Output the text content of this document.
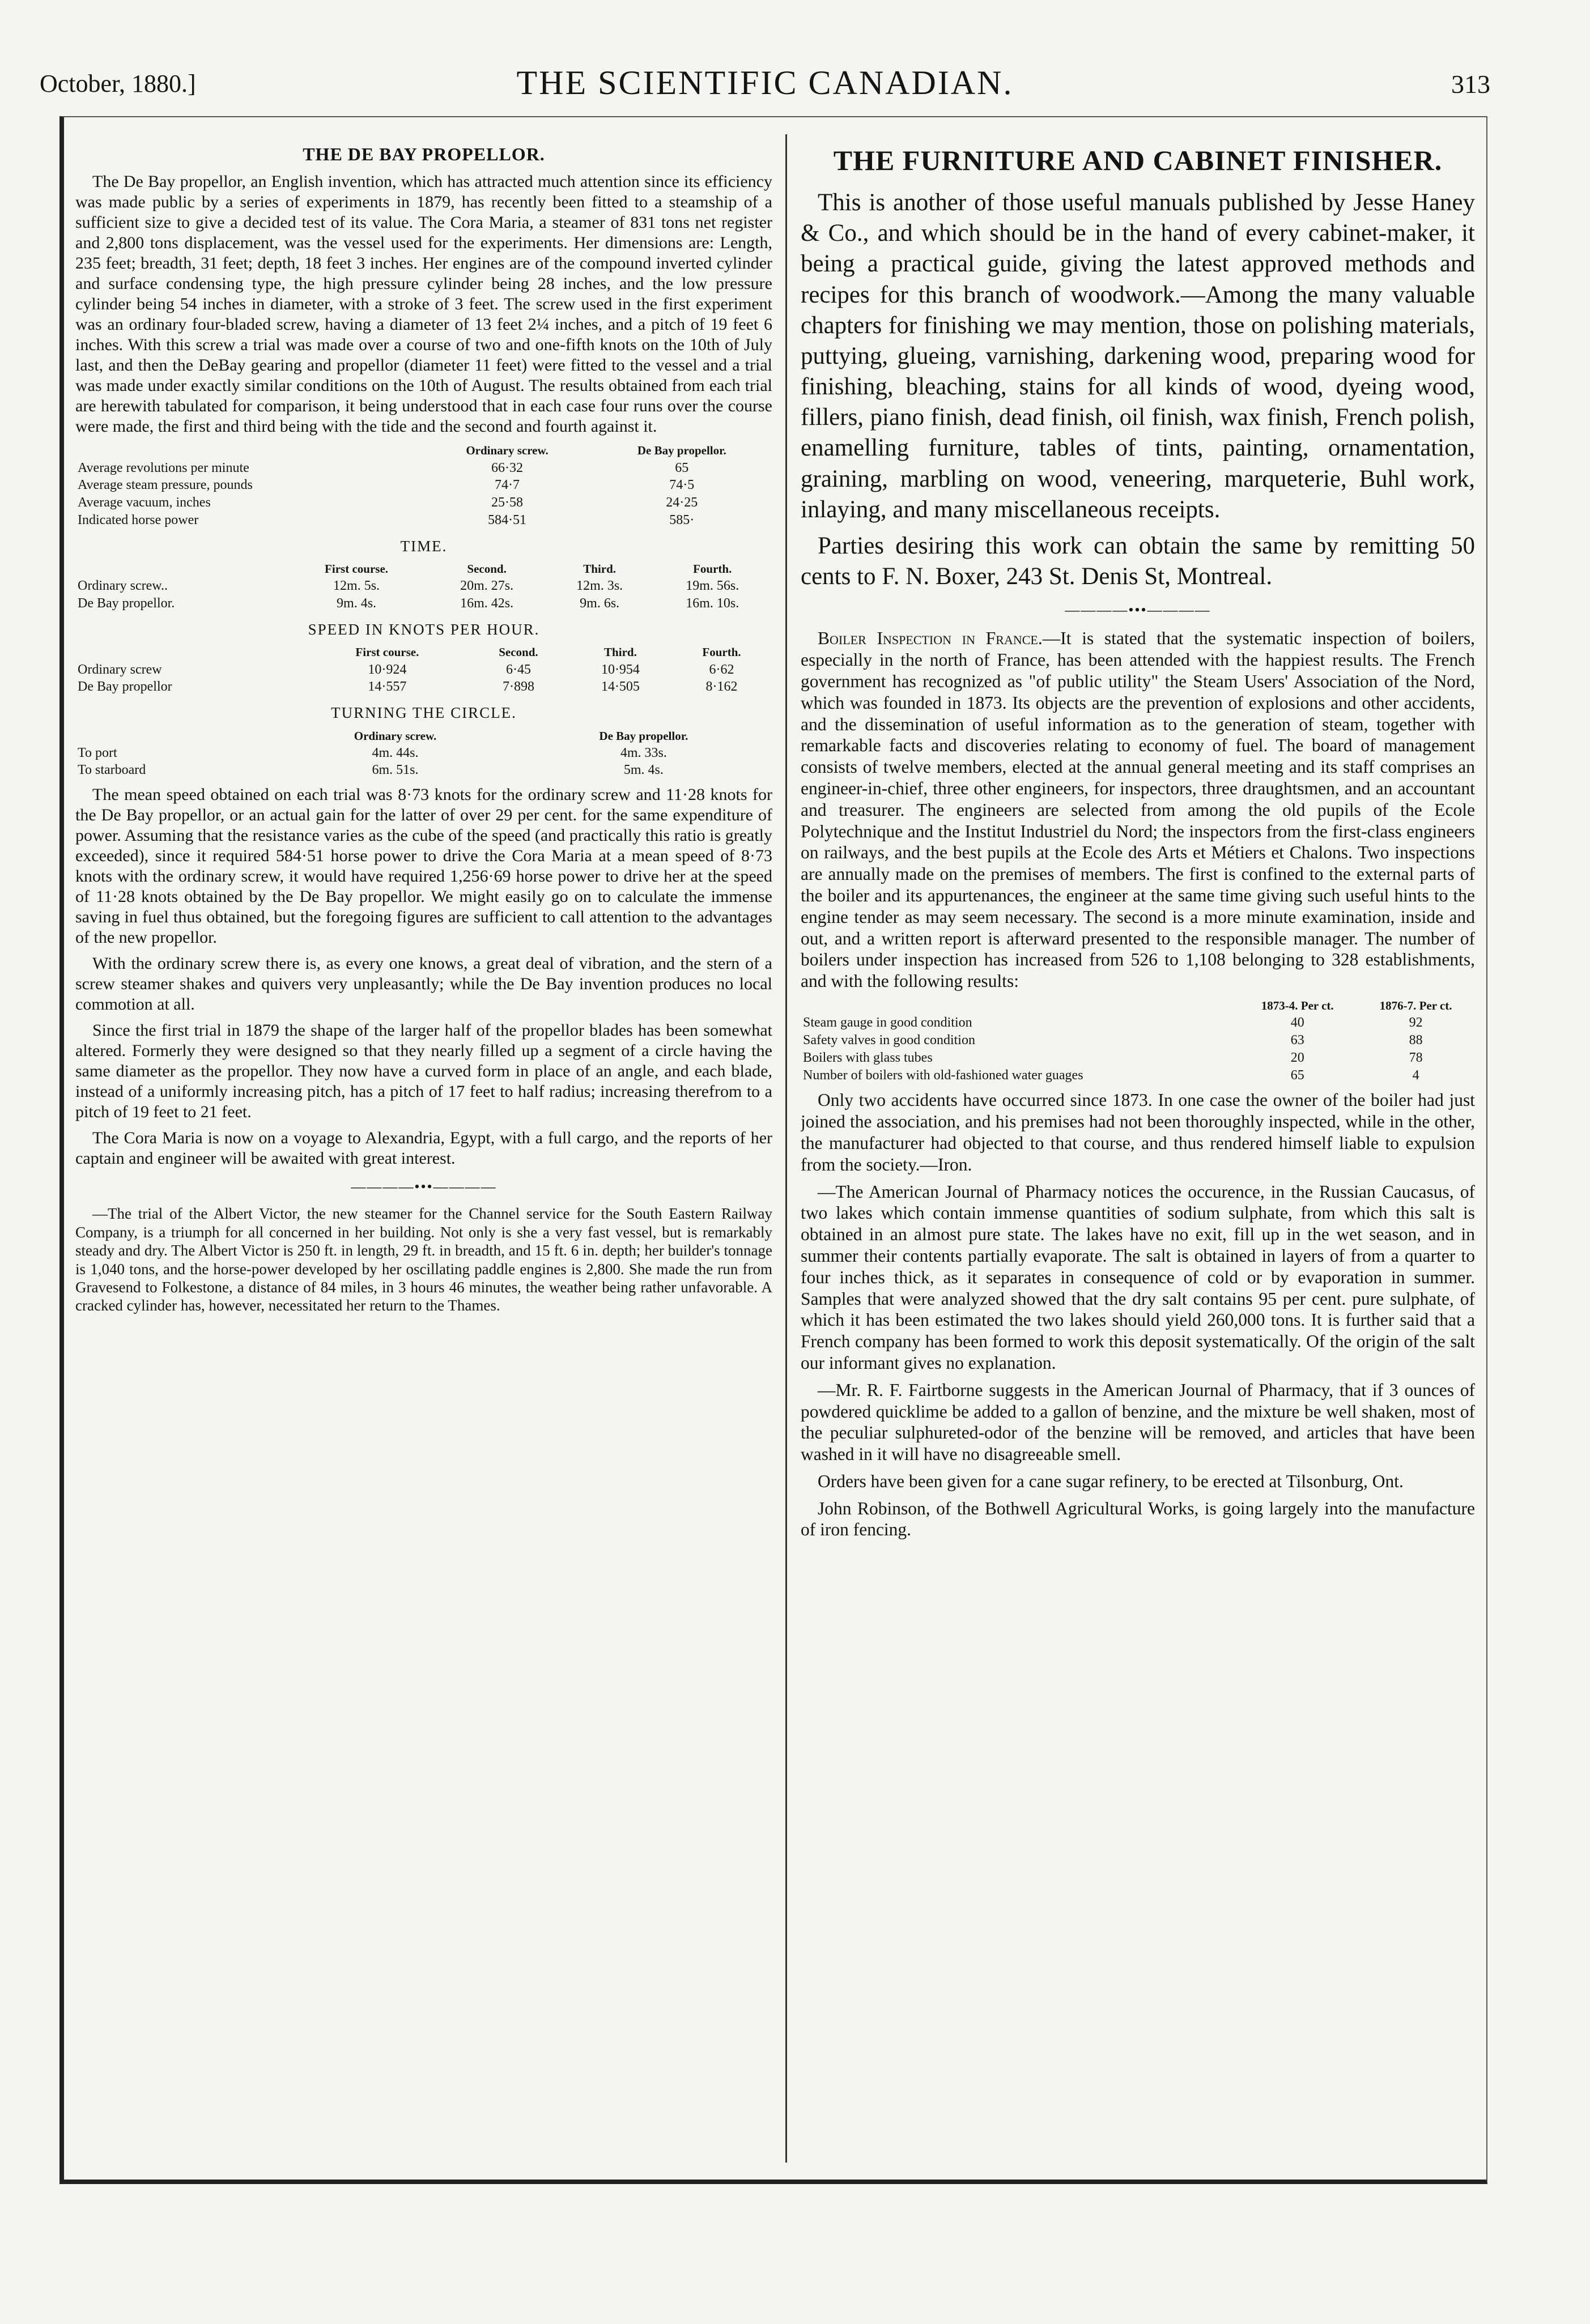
October, 1880.]	THE SCIENTIFIC CANADIAN.	313
THE DE BAY PROPELLOR.

The De Bay propellor, an English invention, which has attracted much attention since its efficiency was made public by a series of experiments in 1879, has recently been fitted to a steamship of a sufficient size to give a decided test of its value. The Cora Maria, a steamer of 831 tons net register and 2,800 tons displacement, was the vessel used for the experiments. Her dimensions are: Length, 235 feet; breadth, 31 feet; depth, 18 feet 3 inches. Her engines are of the compound inverted cylinder and surface condensing type, the high pressure cylinder being 28 inches, and the low pressure cylinder being 54 inches in diameter, with a stroke of 3 feet. The screw used in the first experiment was an ordinary four-bladed screw, having a diameter of 13 feet 2¼ inches, and a pitch of 19 feet 6 inches. With this screw a trial was made over a course of two and one-fifth knots on the 10th of July last, and then the DeBay gearing and propellor (diameter 11 feet) were fitted to the vessel and a trial was made under exactly similar conditions on the 10th of August. The results obtained from each trial are herewith tabulated for comparison, it being understood that in each case four runs over the course were made, the first and third being with the tide and the second and fourth against it.

	Ordinary screw.	De Bay propellor.
Average revolutions per minute	66·32	65
Average steam pressure, pounds	74·7	74·5
Average vacuum, inches	25·58	24·25
Indicated horse power	584·51	585·
TIME.
	First course.	Second.	Third.	Fourth.
Ordinary screw..	12m. 5s.	20m. 27s.	12m. 3s.	19m. 56s.
De Bay propellor.	9m. 4s.	16m. 42s.	9m. 6s.	16m. 10s.
SPEED IN KNOTS PER HOUR.
	First course.	Second.	Third.	Fourth.
Ordinary screw	10·924	6·45	10·954	6·62
De Bay propellor	14·557	7·898	14·505	8·162
TURNING THE CIRCLE.
	Ordinary screw.	De Bay propellor.
To port	4m. 44s.	4m. 33s.
To starboard	6m. 51s.	5m. 4s.

The mean speed obtained on each trial was 8·73 knots for the ordinary screw and 11·28 knots for the De Bay propellor, or an actual gain for the latter of over 29 per cent. for the same expenditure of power. Assuming that the resistance varies as the cube of the speed (and practically this ratio is greatly exceeded), since it required 584·51 horse power to drive the Cora Maria at a mean speed of 8·73 knots with the ordinary screw, it would have required 1,256·69 horse power to drive her at the speed of 11·28 knots obtained by the De Bay propellor. We might easily go on to calculate the immense saving in fuel thus obtained, but the foregoing figures are sufficient to call attention to the advantages of the new propellor.

With the ordinary screw there is, as every one knows, a great deal of vibration, and the stern of a screw steamer shakes and quivers very unpleasantly; while the De Bay invention produces no local commotion at all.

Since the first trial in 1879 the shape of the larger half of the propellor blades has been somewhat altered. Formerly they were designed so that they nearly filled up a segment of a circle having the same diameter as the propellor. They now have a curved form in place of an angle, and each blade, instead of a uniformly increasing pitch, has a pitch of 17 feet to half radius; increasing therefrom to a pitch of 19 feet to 21 feet.

The Cora Maria is now on a voyage to Alexandria, Egypt, with a full cargo, and the reports of her captain and engineer will be awaited with great interest.

————•••————

—The trial of the Albert Victor, the new steamer for the Channel service for the South Eastern Railway Company, is a triumph for all concerned in her building. Not only is she a very fast vessel, but is remarkably steady and dry. The Albert Victor is 250 ft. in length, 29 ft. in breadth, and 15 ft. 6 in. depth; her builder's tonnage is 1,040 tons, and the horse-power developed by her oscillating paddle engines is 2,800. She made the run from Gravesend to Folkestone, a distance of 84 miles, in 3 hours 46 minutes, the weather being rather unfavorable. A cracked cylinder has, however, necessitated her return to the Thames.

THE FURNITURE AND CABINET FINISHER.

This is another of those useful manuals published by Jesse Haney & Co., and which should be in the hand of every cabinet-maker, it being a practical guide, giving the latest approved methods and recipes for this branch of woodwork.—Among the many valuable chapters for finishing we may mention, those on polishing materials, puttying, glueing, varnishing, darkening wood, preparing wood for finishing, bleaching, stains for all kinds of wood, dyeing wood, fillers, piano finish, dead finish, oil finish, wax finish, French polish, enamelling furniture, tables of tints, painting, ornamentation, graining, marbling on wood, veneering, marqueterie, Buhl work, inlaying, and many miscellaneous receipts.

Parties desiring this work can obtain the same by remitting 50 cents to F. N. Boxer, 243 St. Denis St, Montreal.

————•••————

Boiler Inspection in France.—It is stated that the systematic inspection of boilers, especially in the north of France, has been attended with the happiest results. The French government has recognized as "of public utility" the Steam Users' Association of the Nord, which was founded in 1873. Its objects are the prevention of explosions and other accidents, and the dissemination of useful information as to the generation of steam, together with remarkable facts and discoveries relating to economy of fuel. The board of management consists of twelve members, elected at the annual general meeting and its staff comprises an engineer-in-chief, three other engineers, for inspectors, three draughtsmen, and an accountant and treasurer. The engineers are selected from among the old pupils of the Ecole Polytechnique and the Institut Industriel du Nord; the inspectors from the first-class engineers on railways, and the best pupils at the Ecole des Arts et Métiers et Chalons. Two inspections are annually made on the premises of members. The first is confined to the external parts of the boiler and its appurtenances, the engineer at the same time giving such useful hints to the engine tender as may seem necessary. The second is a more minute examination, inside and out, and a written report is afterward presented to the responsible manager. The number of boilers under inspection has increased from 526 to 1,108 belonging to 328 establishments, and with the following results:

	1873-4. Per ct.	1876-7. Per ct.
Steam gauge in good condition	40	92
Safety valves in good condition	63	88
Boilers with glass tubes	20	78
Number of boilers with old-fashioned water guages	65	4

Only two accidents have occurred since 1873. In one case the owner of the boiler had just joined the association, and his premises had not been thoroughly inspected, while in the other, the manufacturer had objected to that course, and thus rendered himself liable to expulsion from the society.—Iron.

—The American Journal of Pharmacy notices the occurence, in the Russian Caucasus, of two lakes which contain immense quantities of sodium sulphate, from which this salt is obtained in an almost pure state. The lakes have no exit, fill up in the wet season, and in summer their contents partially evaporate. The salt is obtained in layers of from a quarter to four inches thick, as it separates in consequence of cold or by evaporation in summer. Samples that were analyzed showed that the dry salt contains 95 per cent. pure sulphate, of which it has been estimated the two lakes should yield 260,000 tons. It is further said that a French company has been formed to work this deposit systematically. Of the origin of the salt our informant gives no explanation.

—Mr. R. F. Fairtborne suggests in the American Journal of Pharmacy, that if 3 ounces of powdered quicklime be added to a gallon of benzine, and the mixture be well shaken, most of the peculiar sulphureted-odor of the benzine will be removed, and articles that have been washed in it will have no disagreeable smell.

Orders have been given for a cane sugar refinery, to be erected at Tilsonburg, Ont.

John Robinson, of the Bothwell Agricultural Works, is going largely into the manufacture of iron fencing.
